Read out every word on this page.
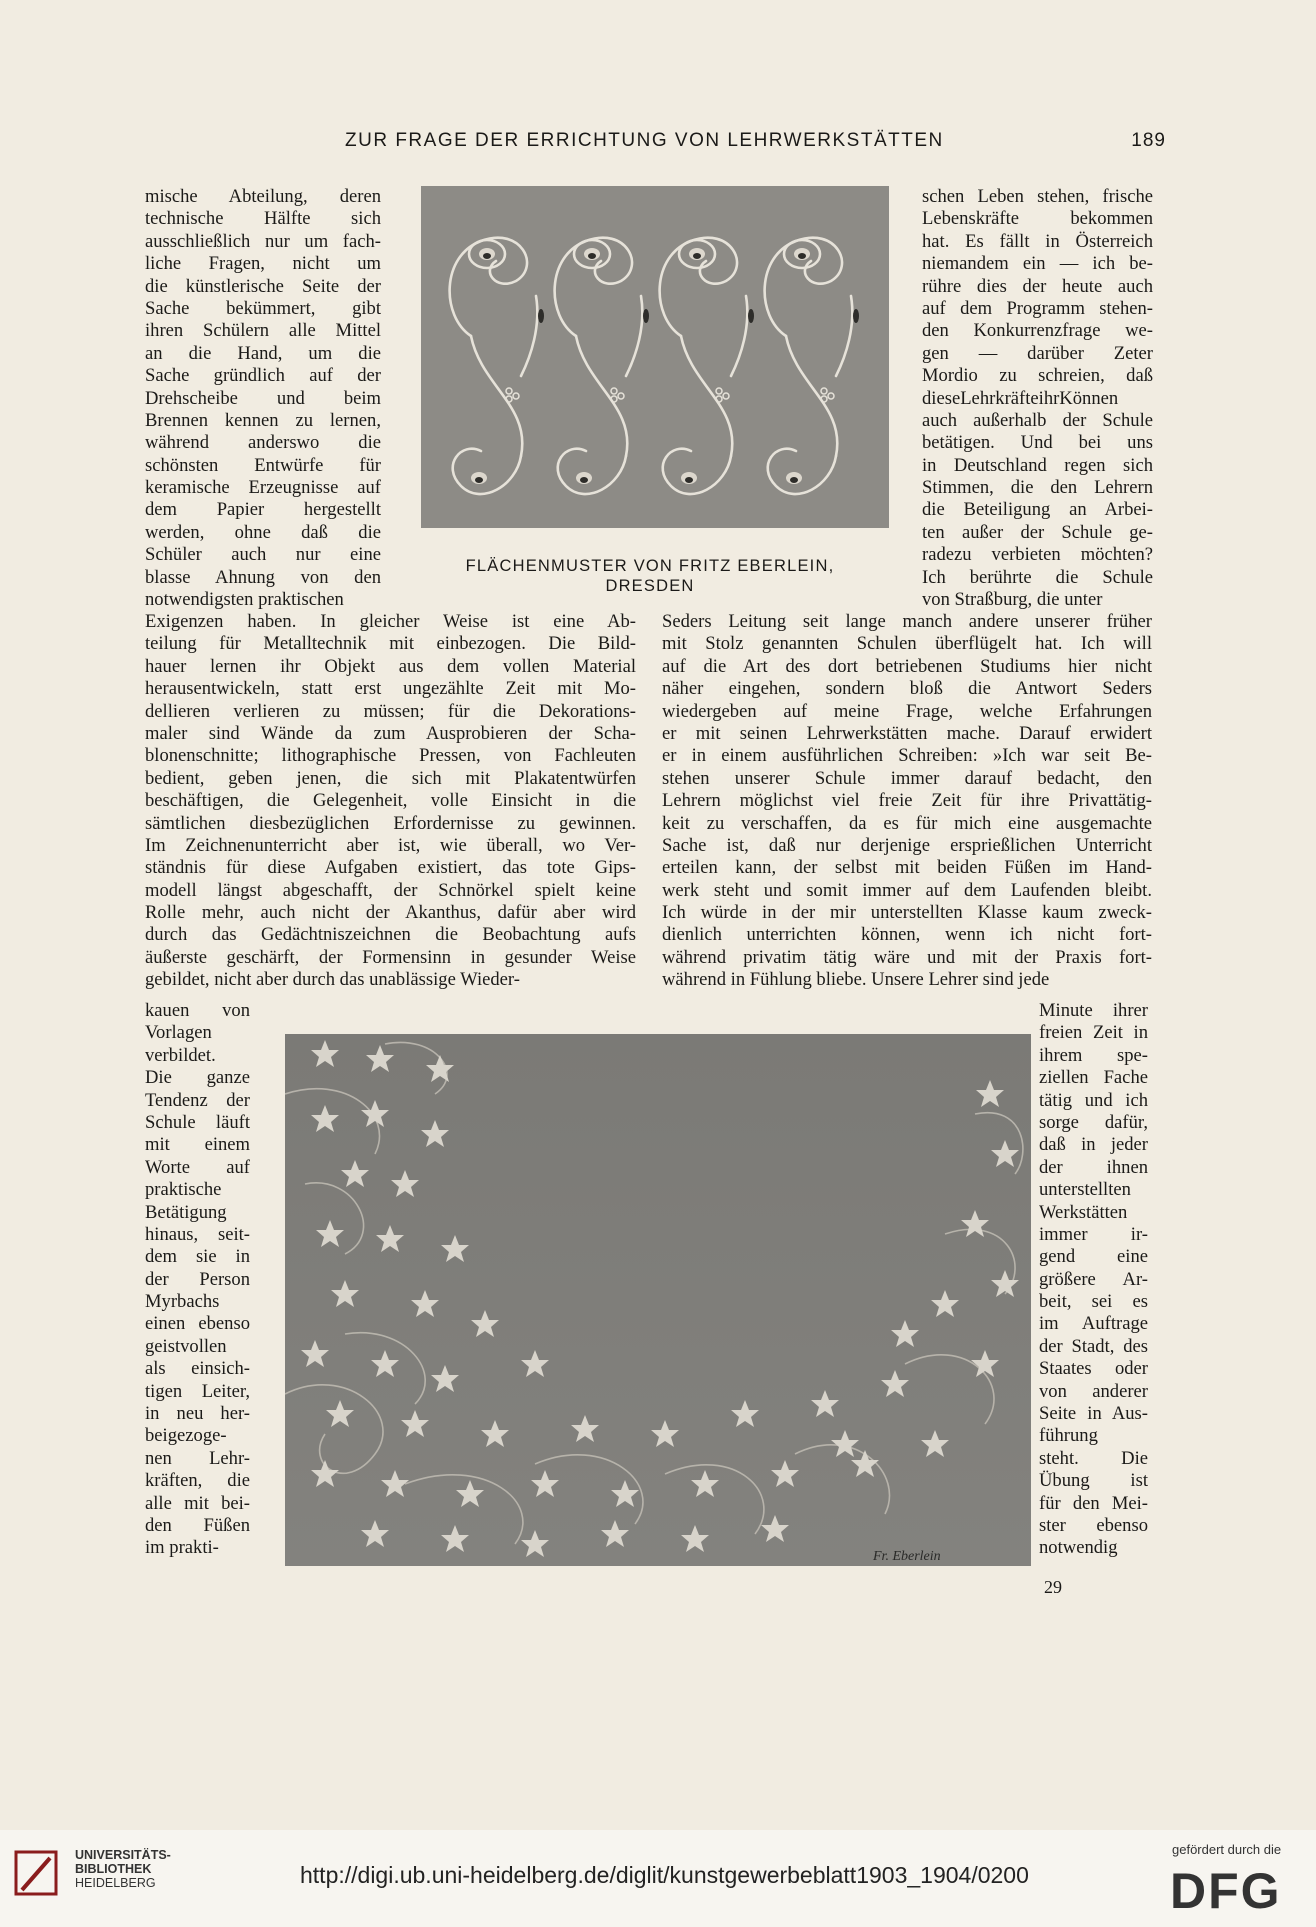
ZUR FRAGE DER ERRICHTUNG VON LEHRWERKSTÄTTEN	189
mische Abteilung, deren
technische Hälfte sich
ausschließlich nur um fach-
liche Fragen, nicht um
die künstlerische Seite der
Sache bekümmert, gibt
ihren Schülern alle Mittel
an die Hand, um die
Sache gründlich auf der
Drehscheibe und beim
Brennen kennen zu lernen,
während anderswo die
schönsten Entwürfe für
keramische Erzeugnisse auf
dem Papier hergestellt
werden, ohne daß die
Schüler auch nur eine
blasse Ahnung von den
notwendigsten praktischen
schen Leben stehen, frische
Lebenskräfte bekommen
hat. Es fällt in Österreich
niemandem ein — ich be-
rühre dies der heute auch
auf dem Programm stehen-
den Konkurrenzfrage we-
gen — darüber Zeter
Mordio zu schreien, daß
dieseLehrkräfteihrKönnen
auch außerhalb der Schule
betätigen. Und bei uns
in Deutschland regen sich
Stimmen, die den Lehrern
die Beteiligung an Arbei-
ten außer der Schule ge-
radezu verbieten möchten?
Ich berührte die Schule
von Straßburg, die unter
FLÄCHENMUSTER VON FRITZ EBERLEIN,
DRESDEN
Exigenzen haben. In gleicher Weise ist eine Ab-
teilung für Metalltechnik mit einbezogen. Die Bild-
hauer lernen ihr Objekt aus dem vollen Material
herausentwickeln, statt erst ungezählte Zeit mit Mo-
dellieren verlieren zu müssen; für die Dekorations-
maler sind Wände da zum Ausprobieren der Scha-
blonenschnitte; lithographische Pressen, von Fachleuten
bedient, geben jenen, die sich mit Plakatentwürfen
beschäftigen, die Gelegenheit, volle Einsicht in die
sämtlichen diesbezüglichen Erfordernisse zu gewinnen.
Im Zeichnenunterricht aber ist, wie überall, wo Ver-
ständnis für diese Aufgaben existiert, das tote Gips-
modell längst abgeschafft, der Schnörkel spielt keine
Rolle mehr, auch nicht der Akanthus, dafür aber wird
durch das Gedächtniszeichnen die Beobachtung aufs
äußerste geschärft, der Formensinn in gesunder Weise
gebildet, nicht aber durch das unablässige Wieder-
Seders Leitung seit lange manch andere unserer früher
mit Stolz genannten Schulen überflügelt hat. Ich will
auf die Art des dort betriebenen Studiums hier nicht
näher eingehen, sondern bloß die Antwort Seders
wiedergeben auf meine Frage, welche Erfahrungen
er mit seinen Lehrwerkstätten mache. Darauf erwidert
er in einem ausführlichen Schreiben: »Ich war seit Be-
stehen unserer Schule immer darauf bedacht, den
Lehrern möglichst viel freie Zeit für ihre Privattätig-
keit zu verschaffen, da es für mich eine ausgemachte
Sache ist, daß nur derjenige ersprießlichen Unterricht
erteilen kann, der selbst mit beiden Füßen im Hand-
werk steht und somit immer auf dem Laufenden bleibt.
Ich würde in der mir unterstellten Klasse kaum zweck-
dienlich unterrichten können, wenn ich nicht fort-
während privatim tätig wäre und mit der Praxis fort-
während in Fühlung bliebe. Unsere Lehrer sind jede
kauen von
Vorlagen
verbildet.
Die ganze
Tendenz der
Schule läuft
mit einem
Worte auf
praktische
Betätigung
hinaus, seit-
dem sie in
der Person
Myrbachs
einen ebenso
geistvollen
als einsich-
tigen Leiter,
in neu her-
beigezoge-
nen Lehr-
kräften, die
alle mit bei-
den Füßen
im prakti-
Minute ihrer
freien Zeit in
ihrem spe-
ziellen Fache
tätig und ich
sorge dafür,
daß in jeder
der ihnen
unterstellten
Werkstätten
immer ir-
gend eine
größere Ar-
beit, sei es
im Auftrage
der Stadt, des
Staates oder
von anderer
Seite in Aus-
führung
steht. Die
Übung ist
für den Mei-
ster ebenso
notwendig
Fr. Eberlein
29
UNIVERSITÄTS-
BIBLIOTHEK
HEIDELBERG	http://digi.ub.uni-heidelberg.de/diglit/kunstgewerbeblatt1903_1904/0200
gefördert durch die
DFG
